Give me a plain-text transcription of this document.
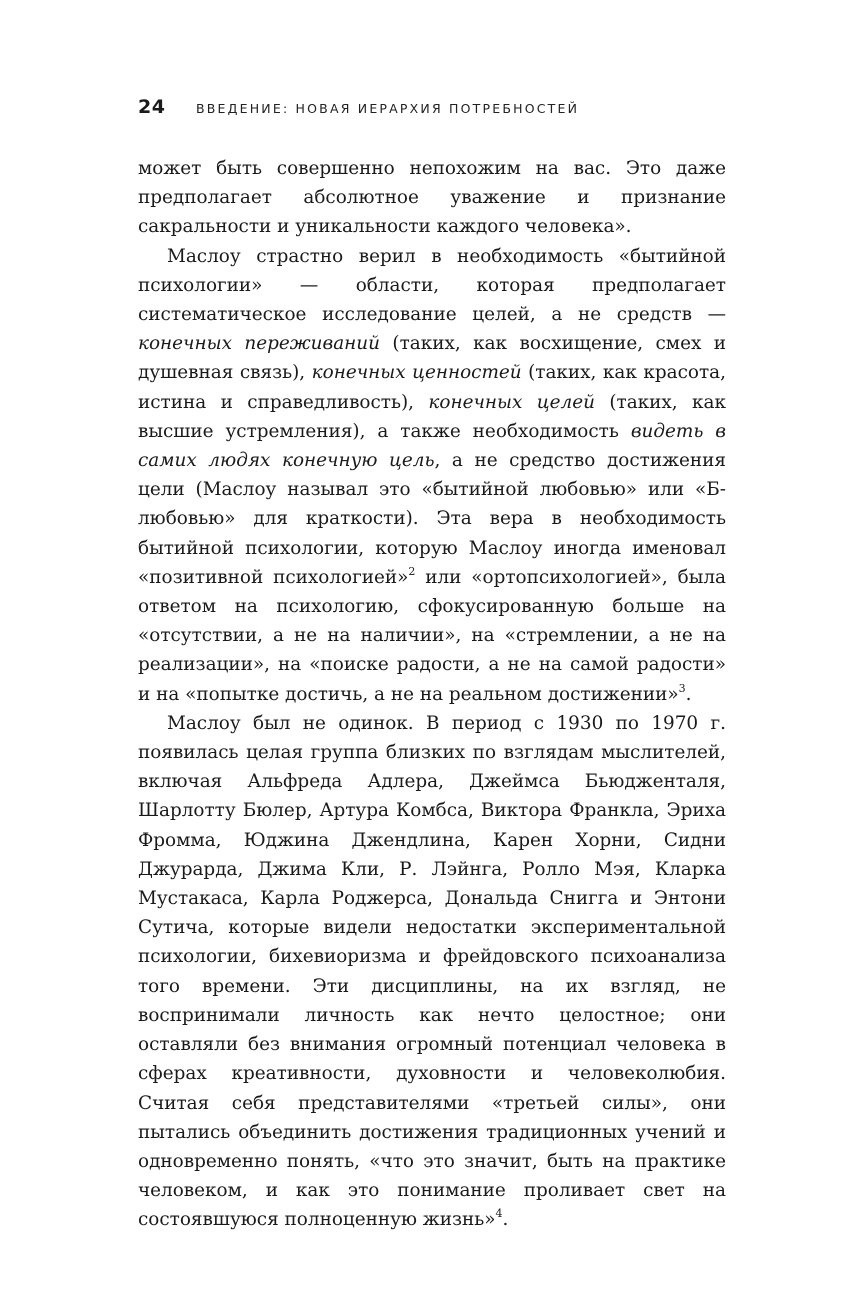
24	ВВЕДЕНИЕ: НОВАЯ ИЕРАРХИЯ ПОТРЕБНОСТЕЙ

может быть совершенно непохожим на вас. Это даже предполагает абсолютное уважение и признание сакральности и уникальности каждого человека».

Маслоу страстно верил в необходимость «бытийной психологии» — области, которая предполагает систематическое исследование целей, а не средств — конечных переживаний (таких, как восхищение, смех и душевная связь), конечных ценностей (таких, как красота, истина и справедливость), конечных целей (таких, как высшие устремления), а также необходимость видеть в самих людях конечную цель, а не средство достижения цели (Маслоу называл это «бытийной любовью» или «Б-любовью» для краткости). Эта вера в необходимость бытийной психологии, которую Маслоу иногда именовал «позитивной психологией»$^2$ или «ортопсихологией», была ответом на психологию, сфокусированную больше на «отсутствии, а не на наличии», на «стремлении, а не на реализации», на «поиске радости, а не на самой радости» и на «попытке достичь, а не на реальном достижении»$^3$.

Маслоу был не одинок. В период с 1930 по 1970 г. появилась целая группа близких по взглядам мыслителей, включая Альфреда Адлера, Джеймса Бьюдженталя, Шарлотту Бюлер, Артура Комбса, Виктора Франкла, Эриха Фромма, Юджина Джендлина, Карен Хорни, Сидни Джурарда, Джима Кли, Р. Лэйнга, Ролло Мэя, Кларка Мустакаса, Карла Роджерса, Дональда Снигга и Энтони Сутича, которые видели недостатки экспериментальной психологии, бихевиоризма и фрейдовского психоанализа того времени. Эти дисциплины, на их взгляд, не воспринимали личность как нечто целостное; они оставляли без внимания огромный потенциал человека в сферах креативности, духовности и человеколюбия. Считая себя представителями «третьей силы», они пытались объединить достижения традиционных учений и одновременно понять, «что это значит, быть на практике человеком, и как это понимание проливает свет на состоявшуюся полноценную жизнь»$^4$.
